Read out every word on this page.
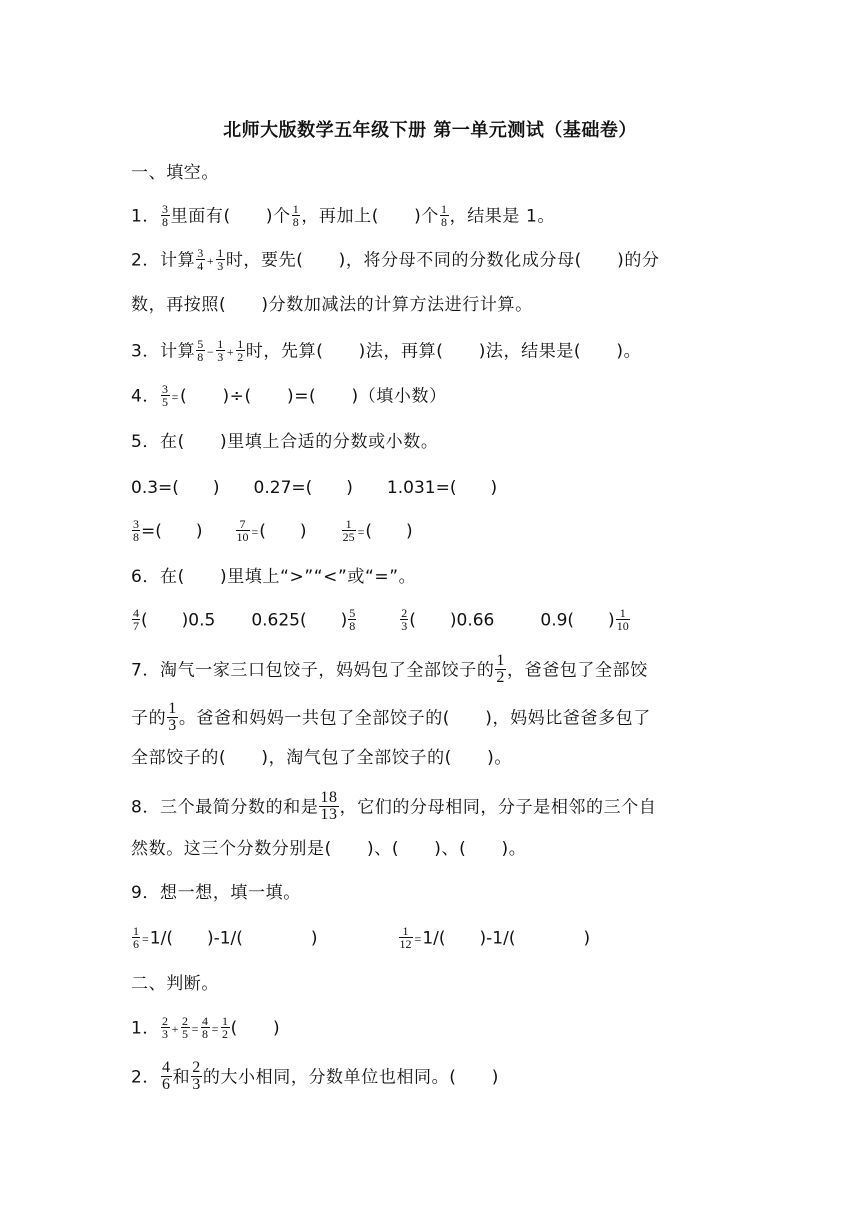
北师大版数学五年级下册 第一单元测试（基础卷）
一、填空。
1． $\frac{3}{8}$ 里面有(　　)个 $\frac{1}{8}$ ，再加上(　　)个 $\frac{1}{8}$ ，结果是 1。
2．计算 $\frac{3}{4} + \frac{1}{3}$ 时，要先(　　)，将分母不同的分数化成分母(　　)的分
数，再按照(　　)分数加减法的计算方法进行计算。
3．计算 $\frac{5}{8} - \frac{1}{3} + \frac{1}{2}$ 时，先算(　　)法，再算(　　)法，结果是(　　)。
4． $\frac{3}{5}$ =(　　)÷(　　)=(　　)（填小数）
5．在(　　)里填上合适的分数或小数。
0.3=(　　) 0.27=(　　) 1.031=(　　)
$\frac{3}{8}$ =(　　)	$\frac{7}{10}$ =(　　)	$\frac{1}{25}$ =(　　)
6．在(　　)里填上“>”“<”或“=”。
$\frac{4}{7}$ (　　)0.5 0.625(　　) $\frac{5}{8}$	$\frac{2}{3}$ (　　)0.66	0.9(　　) $\frac{1}{10}$
7．淘气一家三口包饺子，妈妈包了全部饺子的 $\frac{1}{2}$ ，爸爸包了全部饺
子的 $\frac{1}{3}$ 。爸爸和妈妈一共包了全部饺子的(　　)，妈妈比爸爸多包了
全部饺子的(　　)，淘气包了全部饺子的(　　)。
8．三个最简分数的和是 $\frac{18}{13}$ ，它们的分母相同，分子是相邻的三个自
然数。这三个分数分别是(　　)、(　　)、(　　)。
9．想一想，填一填。
$\frac{1}{6} =1/$(　　)-1/(　　　　)	$\frac{1}{12} =1/$(　　)-1/(　　　　)
二、判断。
1． $\frac{2}{3} + \frac{2}{5} = \frac{4}{8} = \frac{1}{2}$ (　　)
2． $\frac{4}{6}$ 和 $\frac{2}{3}$ 的大小相同，分数单位也相同。(　　)
